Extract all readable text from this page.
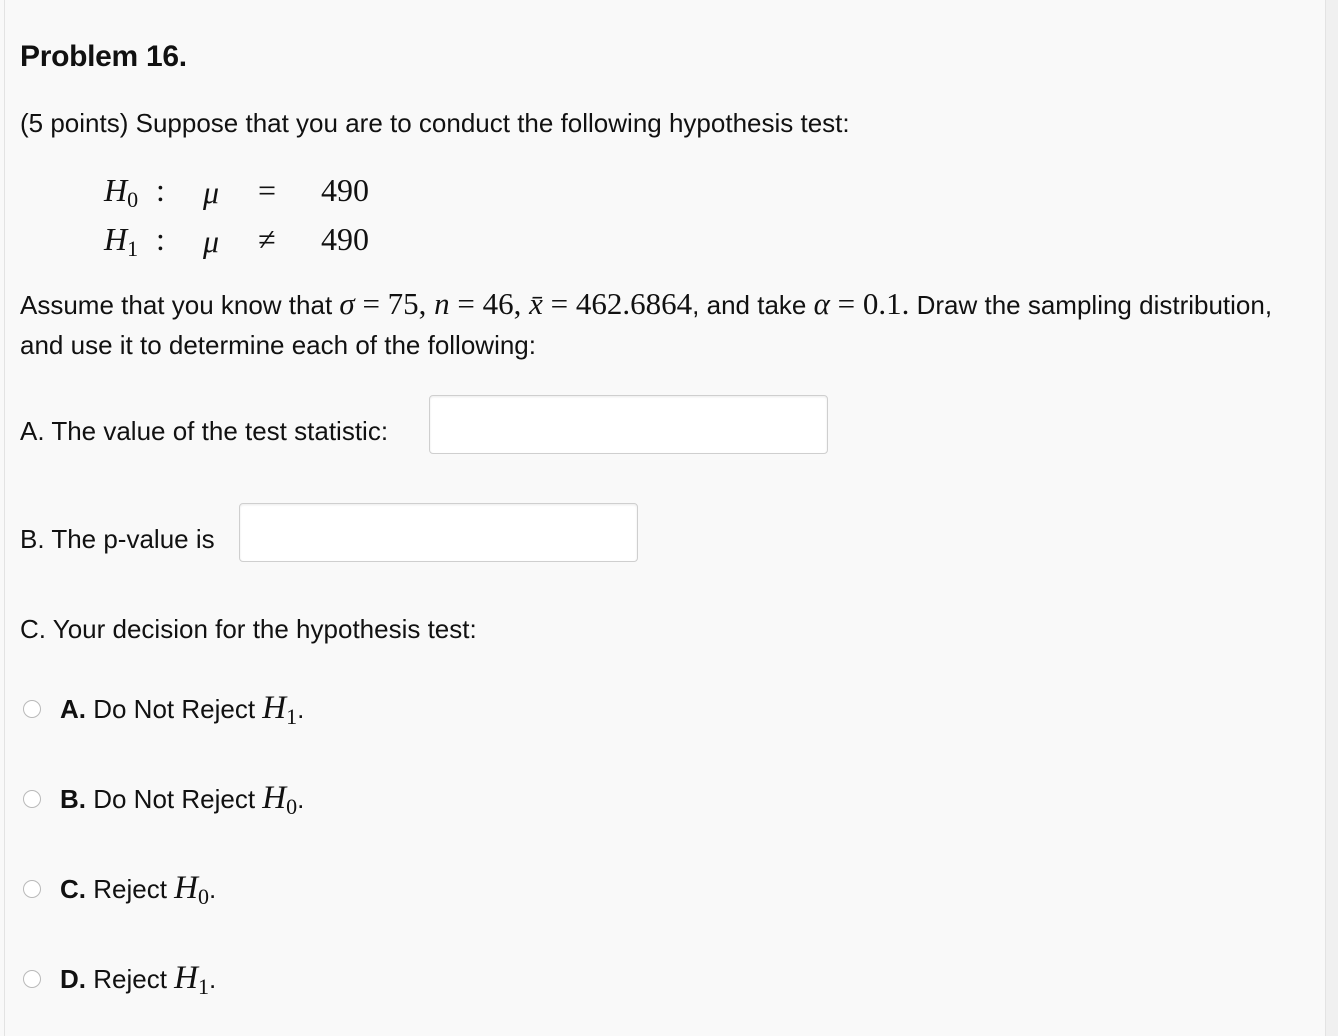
Problem 16.
(5 points) Suppose that you are to conduct the following hypothesis test:
$H_0$ : μ = 490
$H_1$ : μ ≠ 490
Assume that you know that σ = 75, n = 46, x̄ = 462.6864, and take α = 0.1. Draw the sampling distribution, and use it to determine each of the following:
A. The value of the test statistic:
B. The p-value is
C. Your decision for the hypothesis test:
A. Do Not Reject $H_1$.
B. Do Not Reject $H_0$.
C. Reject $H_0$.
D. Reject $H_1$.
